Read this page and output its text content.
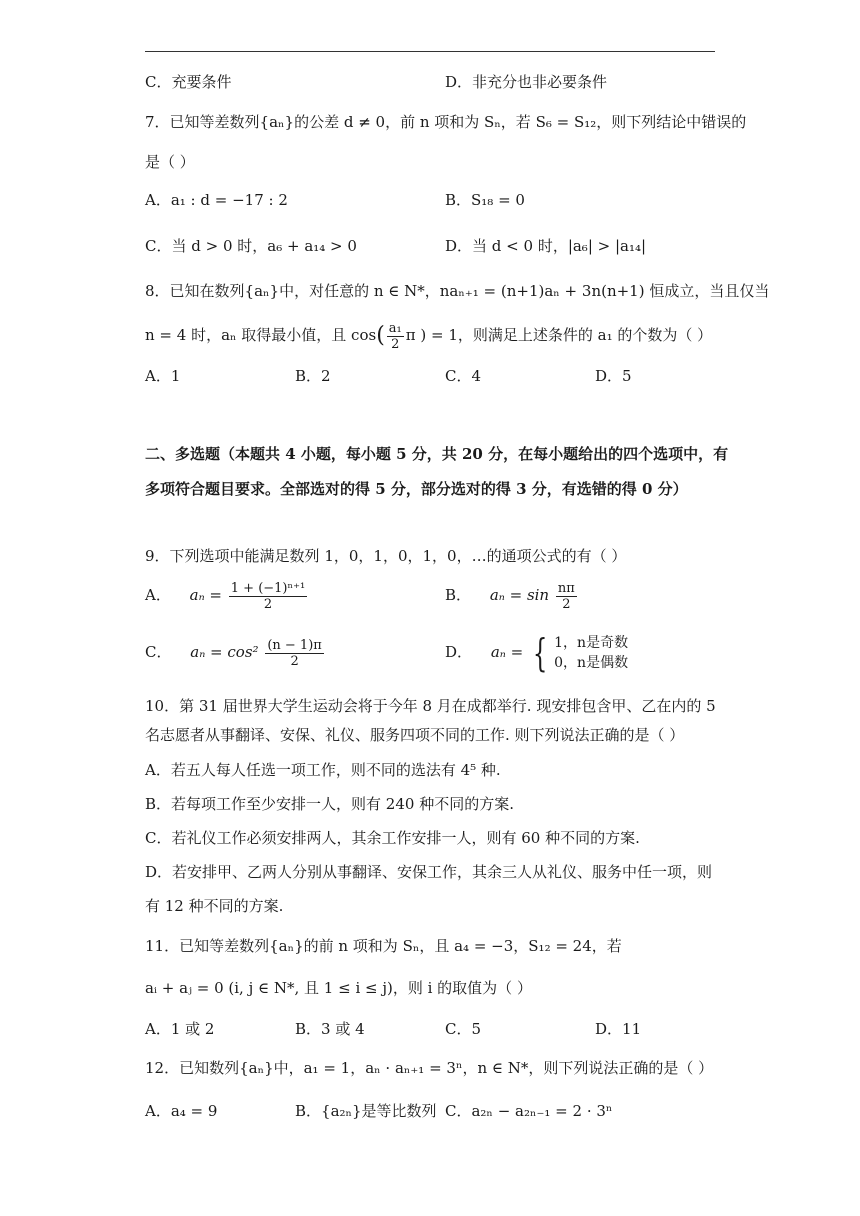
C．充要条件	D．非充分也非必要条件
7．已知等差数列{aₙ}的公差 d ≠ 0，前 n 项和为 Sₙ，若 S₆ = S₁₂，则下列结论中错误的
是（ ）
A．a₁ : d = −17 : 2	B．S₁₈ = 0
C．当 d > 0 时，a₆ + a₁₄ > 0	D．当 d < 0 时，|a₆| > |a₁₄|
8．已知在数列{aₙ}中，对任意的 n ∈ N*，naₙ₊₁ = (n+1)aₙ + 3n(n+1) 恒成立，当且仅当
n = 4 时，aₙ 取得最小值，且 $\cos( \frac{\text{a₁}}{2}$ π ) = 1，则满足上述条件的 a₁ 的个数为（ ）
A．1	B．2	C．4	D．5
二、多选题（本题共 4 小题，每小题 5 分，共 20 分，在每小题给出的四个选项中，有
多项符合题目要求。全部选对的得 5 分，部分选对的得 3 分，有选错的得 0 分）
9．下列选项中能满足数列 1，0，1，0，1，0，…的通项公式的有（ ）
A． $a_n = \frac{\text{1 + (−1)ⁿ⁺¹}}{2}$	B． $a_n = \sin \frac{n\pi}{2}$
C． $a_n = \cos^2 \frac{(n - 1)\pi}{2}$	D． aₙ = { 1，n是奇数
0，n是偶数
10．第 31 届世界大学生运动会将于今年 8 月在成都举行. 现安排包含甲、乙在内的 5
名志愿者从事翻译、安保、礼仪、服务四项不同的工作. 则下列说法正确的是（ ）
A．若五人每人任选一项工作，则不同的选法有 4⁵ 种.
B．若每项工作至少安排一人，则有 240 种不同的方案.
C．若礼仪工作必须安排两人，其余工作安排一人，则有 60 种不同的方案.
D．若安排甲、乙两人分别从事翻译、安保工作，其余三人从礼仪、服务中任一项，则
有 12 种不同的方案.
11．已知等差数列{aₙ}的前 n 项和为 Sₙ，且 a₄ = −3，S₁₂ = 24，若
aᵢ + aⱼ = 0 (i, j ∈ N*, 且 1 ≤ i ≤ j)，则 i 的取值为（ ）
A．1 或 2	B．3 或 4	C．5	D．11
12．已知数列{aₙ}中，a₁ = 1，aₙ · aₙ₊₁ = 3ⁿ，n ∈ N*，则下列说法正确的是（ ）
A．a₄ = 9	B．{a₂ₙ}是等比数列 C．a₂ₙ − a₂ₙ₋₁ = 2 · 3ⁿ
